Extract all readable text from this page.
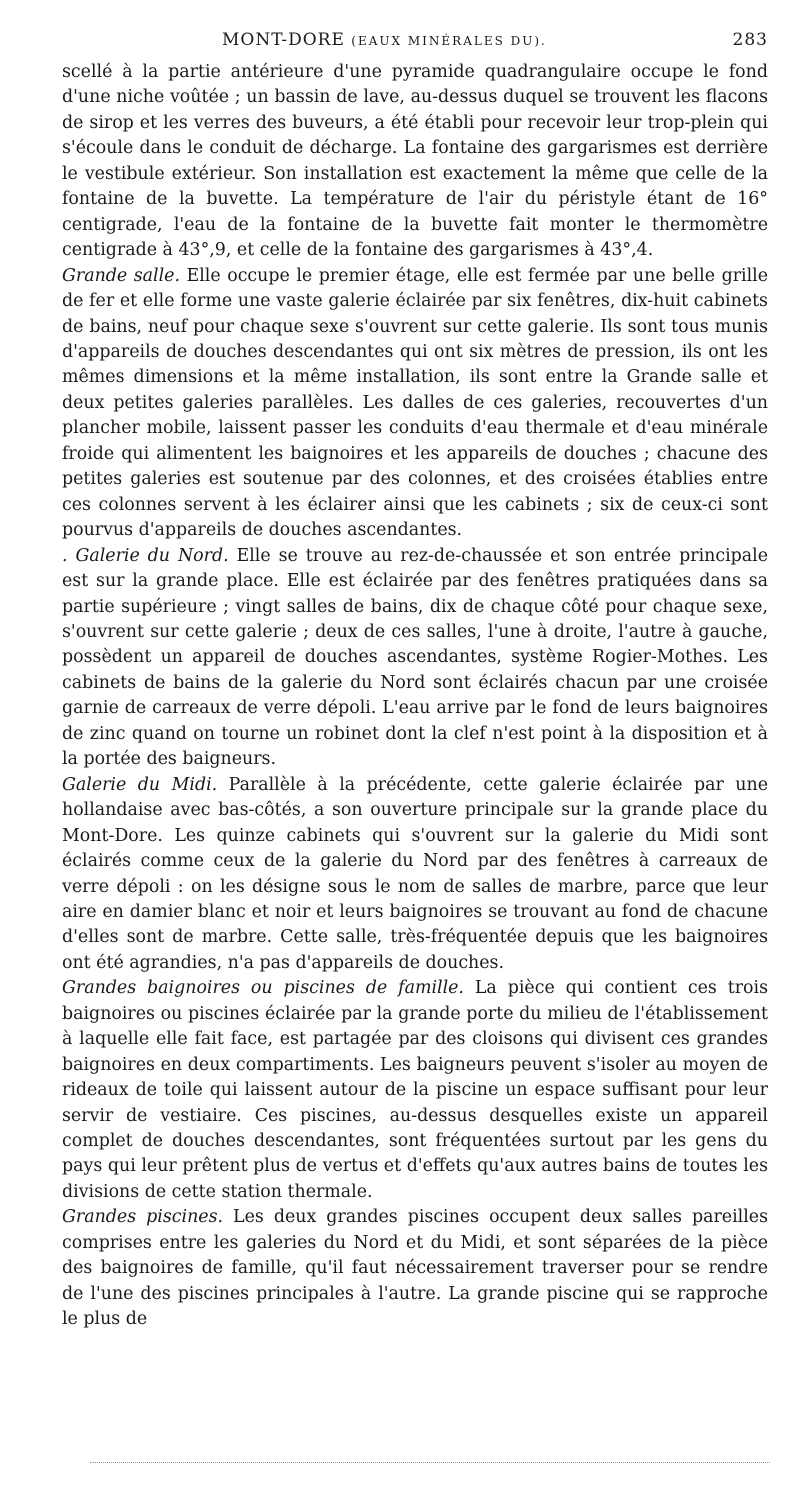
MONT-DORE (EAUX MINÉRALES DU).	283

scellé à la partie antérieure d'une pyramide quadrangulaire occupe le fond d'une niche voûtée ; un bassin de lave, au-dessus duquel se trouvent les flacons de sirop et les verres des buveurs, a été établi pour recevoir leur trop-plein qui s'écoule dans le conduit de décharge. La fontaine des gargarismes est derrière le vestibule extérieur. Son installation est exactement la même que celle de la fontaine de la buvette. La température de l'air du péristyle étant de 16° centigrade, l'eau de la fontaine de la buvette fait monter le thermomètre centigrade à 43°,9, et celle de la fontaine des gargarismes à 43°,4.

Grande salle. Elle occupe le premier étage, elle est fermée par une belle grille de fer et elle forme une vaste galerie éclairée par six fenêtres, dix-huit cabinets de bains, neuf pour chaque sexe s'ouvrent sur cette galerie. Ils sont tous munis d'appareils de douches descendantes qui ont six mètres de pression, ils ont les mêmes dimensions et la même installation, ils sont entre la Grande salle et deux petites galeries parallèles. Les dalles de ces galeries, recouvertes d'un plancher mobile, laissent passer les conduits d'eau thermale et d'eau minérale froide qui alimentent les baignoires et les appareils de douches ; chacune des petites galeries est soutenue par des colonnes, et des croisées établies entre ces colonnes servent à les éclairer ainsi que les cabinets ; six de ceux-ci sont pourvus d'appareils de douches ascendantes.

. Galerie du Nord. Elle se trouve au rez-de-chaussée et son entrée principale est sur la grande place. Elle est éclairée par des fenêtres pratiquées dans sa partie supérieure ; vingt salles de bains, dix de chaque côté pour chaque sexe, s'ouvrent sur cette galerie ; deux de ces salles, l'une à droite, l'autre à gauche, possèdent un appareil de douches ascendantes, système Rogier-Mothes. Les cabinets de bains de la galerie du Nord sont éclairés chacun par une croisée garnie de carreaux de verre dépoli. L'eau arrive par le fond de leurs baignoires de zinc quand on tourne un robinet dont la clef n'est point à la disposition et à la portée des baigneurs.

Galerie du Midi. Parallèle à la précédente, cette galerie éclairée par une hollandaise avec bas-côtés, a son ouverture principale sur la grande place du Mont-Dore. Les quinze cabinets qui s'ouvrent sur la galerie du Midi sont éclairés comme ceux de la galerie du Nord par des fenêtres à carreaux de verre dépoli : on les désigne sous le nom de salles de marbre, parce que leur aire en damier blanc et noir et leurs baignoires se trouvant au fond de chacune d'elles sont de marbre. Cette salle, très-fréquentée depuis que les baignoires ont été agrandies, n'a pas d'appareils de douches.

Grandes baignoires ou piscines de famille. La pièce qui contient ces trois baignoires ou piscines éclairée par la grande porte du milieu de l'établissement à laquelle elle fait face, est partagée par des cloisons qui divisent ces grandes baignoires en deux compartiments. Les baigneurs peuvent s'isoler au moyen de rideaux de toile qui laissent autour de la piscine un espace suffisant pour leur servir de vestiaire. Ces piscines, au-dessus desquelles existe un appareil complet de douches descendantes, sont fréquentées surtout par les gens du pays qui leur prêtent plus de vertus et d'effets qu'aux autres bains de toutes les divisions de cette station thermale.

Grandes piscines. Les deux grandes piscines occupent deux salles pareilles comprises entre les galeries du Nord et du Midi, et sont séparées de la pièce des baignoires de famille, qu'il faut nécessairement traverser pour se rendre de l'une des piscines principales à l'autre. La grande piscine qui se rapproche le plus de
